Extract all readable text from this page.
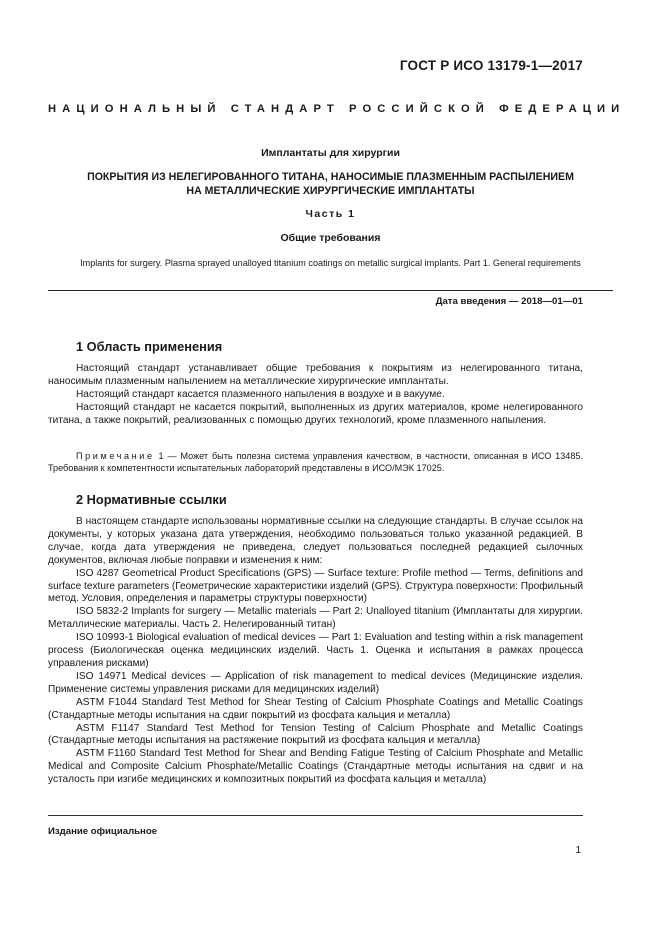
ГОСТ Р ИСО 13179-1—2017
НАЦИОНАЛЬНЫЙ СТАНДАРТ РОССИЙСКОЙ ФЕДЕРАЦИИ
Имплантаты для хирургии
ПОКРЫТИЯ ИЗ НЕЛЕГИРОВАННОГО ТИТАНА, НАНОСИМЫЕ ПЛАЗМЕННЫМ РАСПЫЛЕНИЕМ
НА МЕТАЛЛИЧЕСКИЕ ХИРУРГИЧЕСКИЕ ИМПЛАНТАТЫ
Часть 1
Общие требования
Implants for surgery. Plasma sprayed unalloyed titanium coatings on metallic surgical implants. Part 1. General requirements
Дата введения — 2018—01—01
1 Область применения

Настоящий стандарт устанавливает общие требования к покрытиям из нелегированного титана, наносимым плазменным напылением на металлические хирургические имплантаты.

Настоящий стандарт касается плазменного напыления в воздухе и в вакууме.

Настоящий стандарт не касается покрытий, выполненных из других материалов, кроме нелегированного титана, а также покрытий, реализованных с помощью других технологий, кроме плазменного напыления.

Примечание 1 — Может быть полезна система управления качеством, в частности, описанная в ИСО 13485. Требования к компетентности испытательных лабораторий представлены в ИСО/МЭК 17025.

2 Нормативные ссылки

В настоящем стандарте использованы нормативные ссылки на следующие стандарты. В случае ссылок на документы, у которых указана дата утверждения, необходимо пользоваться только указанной редакцией. В случае, когда дата утверждения не приведена, следует пользоваться последней редакцией сылочных документов, включая любые поправки и изменения к ним:

ISO 4287 Geometrical Product Specifications (GPS) — Surface texture: Profile method — Terms, definitions and surface texture parameters (Геометрические характеристики изделий (GPS). Структура поверхности: Профильный метод. Условия, определения и параметры структуры поверхности)

ISO 5832-2 Implants for surgery — Metallic materials — Part 2: Unalloyed titanium (Имплантаты для хирургии. Металлические материалы. Часть 2. Нелегированный титан)

ISO 10993-1 Biological evaluation of medical devices — Part 1: Evaluation and testing within a risk management process (Биологическая оценка медицинских изделий. Часть 1. Оценка и испытания в рамках процесса управления рисками)

ISO 14971 Medical devices — Application of risk management to medical devices (Медицинские изделия. Применение системы управления рисками для медицинских изделий)

ASTM F1044 Standard Test Method for Shear Testing of Calcium Phosphate Coatings and Metallic Coatings (Стандартные методы испытания на сдвиг покрытий из фосфата кальция и металла)

ASTM F1147 Standard Test Method for Tension Testing of Calcium Phosphate and Metallic Coatings (Стандартные методы испытания на растяжение покрытий из фосфата кальция и металла)

ASTM F1160 Standard Test Method for Shear and Bending Fatigue Testing of Calcium Phosphate and Metallic Medical and Composite Calcium Phosphate/Metallic Coatings (Стандартные методы испытания на сдвиг и на усталость при изгибе медицинских и композитных покрытий из фосфата кальция и металла)

Издание официальное
1
